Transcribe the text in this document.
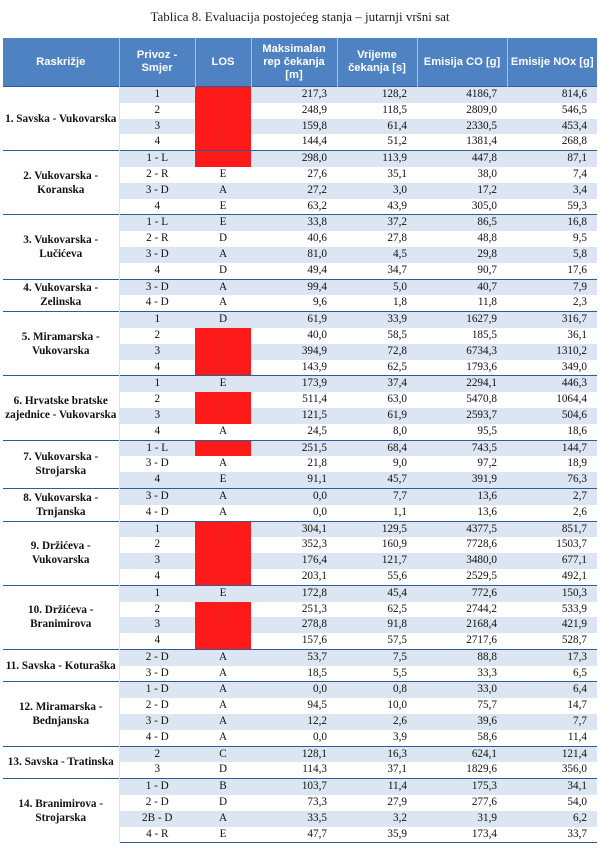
Tablica 8. Evaluacija postojećeg stanja – jutarnji vršni sat
Raskrižje	Privoz - Smjer	LOS	Maksimalan rep čekanja [m]	Vrijeme čekanja [s]	Emisija CO [g]	Emisije NOx [g]
1. Savska - Vukovarska	1	F	217,3	128,2	4186,7	814,6
	2	F	248,9	118,5	2809,0	546,5
	3	F	159,8	61,4	2330,5	453,4
	4	F	144,4	51,2	1381,4	268,8
2. Vukovarska - Koranska	1 - L	F	298,0	113,9	447,8	87,1
	2 - R	E	27,6	35,1	38,0	7,4
	3 - D	A	27,2	3,0	17,2	3,4
	4	E	63,2	43,9	305,0	59,3
3. Vukovarska - Lučićeva	1 - L	E	33,8	37,2	86,5	16,8
	2 - R	D	40,6	27,8	48,8	9,5
	3 - D	A	81,0	4,5	29,8	5,8
	4	D	49,4	34,7	90,7	17,6
4. Vukovarska - Zelinska	3 - D	A	99,4	5,0	40,7	7,9
	4 - D	A	9,6	1,8	11,8	2,3
5. Miramarska - Vukovarska	1	D	61,9	33,9	1627,9	316,7
	2	F	40,0	58,5	185,5	36,1
	3	F	394,9	72,8	6734,3	1310,2
	4	F	143,9	62,5	1793,6	349,0
6. Hrvatske bratske zajednice - Vukovarska	1	E	173,9	37,4	2294,1	446,3
	2	F	511,4	63,0	5470,8	1064,4
	3	F	121,5	61,9	2593,7	504,6
	4	A	24,5	8,0	95,5	18,6
7. Vukovarska - Strojarska	1 - L	F	251,5	68,4	743,5	144,7
	3 - D	A	21,8	9,0	97,2	18,9
	4	E	91,1	45,7	391,9	76,3
8. Vukovarska - Trnjanska	3 - D	A	0,0	7,7	13,6	2,7
	4 - D	A	0,0	1,1	13,6	2,6
9. Držićeva - Vukovarska	1	F	304,1	129,5	4377,5	851,7
	2	F	352,3	160,9	7728,6	1503,7
	3	F	176,4	121,7	3480,0	677,1
	4	F	203,1	55,6	2529,5	492,1
10. Držićeva - Branimirova	1	E	172,8	45,4	772,6	150,3
	2	F	251,3	62,5	2744,2	533,9
	3	F	278,8	91,8	2168,4	421,9
	4	F	157,6	57,5	2717,6	528,7
11. Savska - Koturaška	2 - D	A	53,7	7,5	88,8	17,3
	3 - D	A	18,5	5,5	33,3	6,5
12. Miramarska - Bednjanska	1 - D	A	0,0	0,8	33,0	6,4
	2 - D	A	94,5	10,0	75,7	14,7
	3 - D	A	12,2	2,6	39,6	7,7
	4 - D	A	0,0	3,9	58,6	11,4
13. Savska - Tratinska	2	C	128,1	16,3	624,1	121,4
	3	D	114,3	37,1	1829,6	356,0
14. Branimirova - Strojarska	1 - D	B	103,7	11,4	175,3	34,1
	2 - D	D	73,3	27,9	277,6	54,0
	2B - D	A	33,5	3,2	31,9	6,2
	4 - R	E	47,7	35,9	173,4	33,7
